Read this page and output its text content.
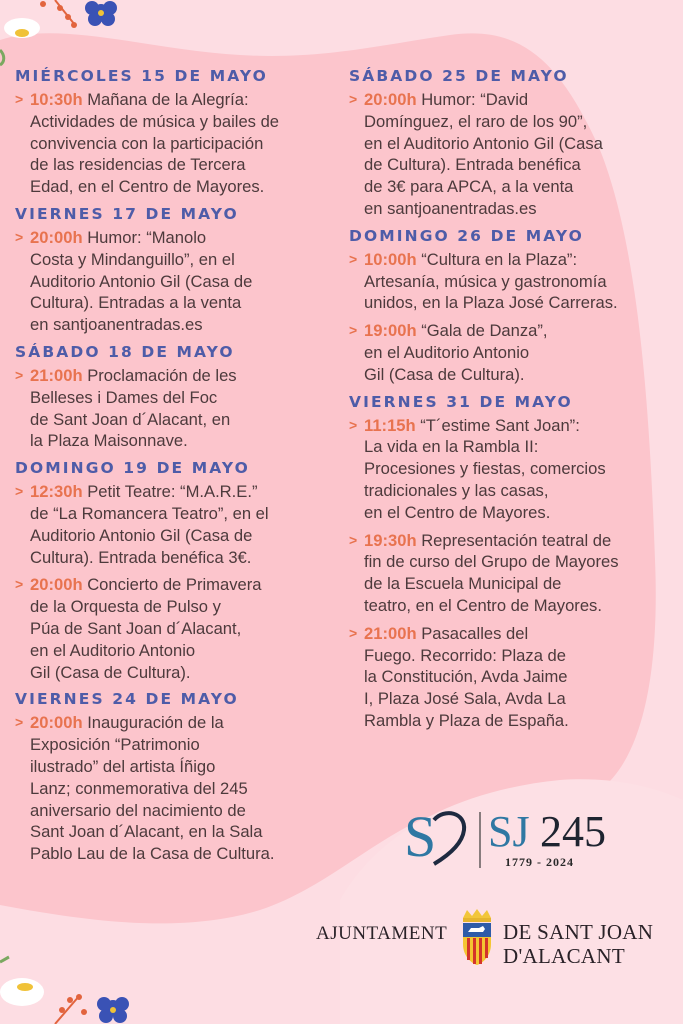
MIÉRCOLES 15 DE MAYO
> 10:30h Mañana de la Alegría:
Actividades de música y bailes de
convivencia con la participación
de las residencias de Tercera
Edad, en el Centro de Mayores.
VIERNES 17 DE MAYO
> 20:00h Humor: “Manolo
Costa y Mindanguillo”, en el
Auditorio Antonio Gil (Casa de
Cultura). Entradas a la venta
en santjoanentradas.es
SÁBADO 18 DE MAYO
> 21:00h Proclamación de les
Belleses i Dames del Foc
de Sant Joan d´Alacant, en
la Plaza Maisonnave.
DOMINGO 19 DE MAYO
> 12:30h Petit Teatre: “M.A.R.E.”
de “La Romancera Teatro”, en el
Auditorio Antonio Gil (Casa de
Cultura). Entrada benéfica 3€.
> 20:00h Concierto de Primavera
de la Orquesta de Pulso y
Púa de Sant Joan d´Alacant,
en el Auditorio Antonio
Gil (Casa de Cultura).
VIERNES 24 DE MAYO
> 20:00h Inauguración de la
Exposición “Patrimonio
ilustrado” del artista Íñigo
Lanz; conmemorativa del 245
aniversario del nacimiento de
Sant Joan d´Alacant, en la Sala
Pablo Lau de la Casa de Cultura.
SÁBADO 25 DE MAYO
> 20:00h Humor: “David
Domínguez, el raro de los 90”,
en el Auditorio Antonio Gil (Casa
de Cultura). Entrada benéfica
de 3€ para APCA, a la venta
en santjoanentradas.es
DOMINGO 26 DE MAYO
> 10:00h “Cultura en la Plaza”:
Artesanía, música y gastronomía
unidos, en la Plaza José Carreras.
> 19:00h “Gala de Danza”,
en el Auditorio Antonio
Gil (Casa de Cultura).
VIERNES 31 DE MAYO
> 11:15h “T´estime Sant Joan”:
La vida en la Rambla II:
Procesiones y fiestas, comercios
tradicionales y las casas,
en el Centro de Mayores.
> 19:30h Representación teatral de
fin de curso del Grupo de Mayores
de la Escuela Municipal de
teatro, en el Centro de Mayores.
> 21:00h Pasacalles del
Fuego. Recorrido: Plaza de
la Constitución, Avda Jaime
I, Plaza José Sala, Avda La
Rambla y Plaza de España.
S SJ 245
1779 - 2024
AJUNTAMENT	DE SANT JOAN
D'ALACANT
